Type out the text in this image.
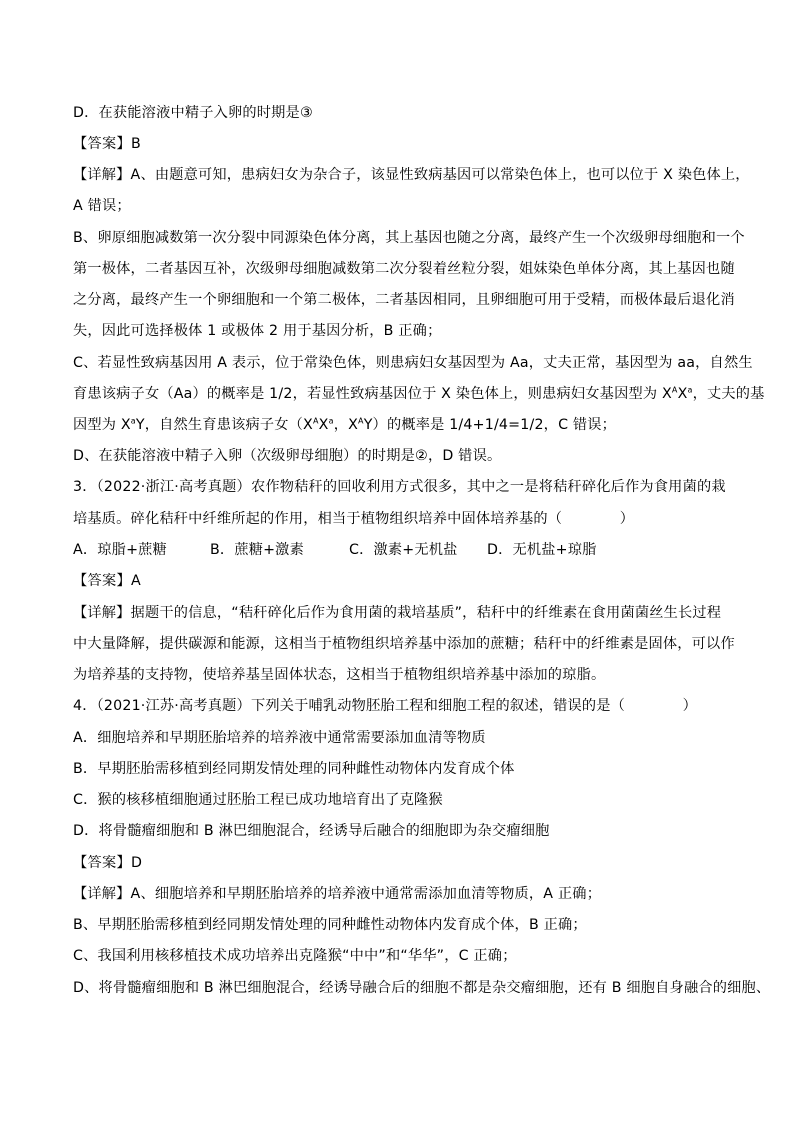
D．在获能溶液中精子入卵的时期是③
【答案】B
【详解】A、由题意可知，患病妇女为杂合子，该显性致病基因可以常染色体上，也可以位于 X 染色体上，
A 错误；
B、卵原细胞减数第一次分裂中同源染色体分离，其上基因也随之分离，最终产生一个次级卵母细胞和一个
第一极体，二者基因互补，次级卵母细胞减数第二次分裂着丝粒分裂，姐妹染色单体分离，其上基因也随
之分离，最终产生一个卵细胞和一个第二极体，二者基因相同，且卵细胞可用于受精，而极体最后退化消
失，因此可选择极体 1 或极体 2 用于基因分析，B 正确；
C、若显性致病基因用 A 表示，位于常染色体，则患病妇女基因型为 Aa，丈夫正常，基因型为 aa，自然生
育患该病子女（Aa）的概率是 1/2，若显性致病基因位于 X 染色体上，则患病妇女基因型为 $X^AX^a$，丈夫的基
因型为 $X^aY$，自然生育患该病子女（$X^AX^a$，$X^AY$）的概率是 1/4+1/4=1/2，C 错误；
D、在获能溶液中精子入卵（次级卵母细胞）的时期是②，D 错误。
3．（2022·浙江·高考真题）农作物秸秆的回收利用方式很多，其中之一是将秸秆碎化后作为食用菌的栽
培基质。碎化秸秆中纤维所起的作用，相当于植物组织培养中固体培养基的（　　　　）
A．琼脂+蔗糖	B．蔗糖+激素	C．激素+无机盐 D．无机盐+琼脂
【答案】A
【详解】据题干的信息，“秸秆碎化后作为食用菌的栽培基质”，秸秆中的纤维素在食用菌菌丝生长过程
中大量降解，提供碳源和能源，这相当于植物组织培养基中添加的蔗糖；秸秆中的纤维素是固体，可以作
为培养基的支持物，使培养基呈固体状态，这相当于植物组织培养基中添加的琼脂。
4．（2021·江苏·高考真题）下列关于哺乳动物胚胎工程和细胞工程的叙述，错误的是（　　　　）
A．细胞培养和早期胚胎培养的培养液中通常需要添加血清等物质
B．早期胚胎需移植到经同期发情处理的同种雌性动物体内发育成个体
C．猴的核移植细胞通过胚胎工程已成功地培育出了克隆猴
D．将骨髓瘤细胞和 B 淋巴细胞混合，经诱导后融合的细胞即为杂交瘤细胞
【答案】D
【详解】A、细胞培养和早期胚胎培养的培养液中通常需添加血清等物质，A 正确；
B、早期胚胎需移植到经同期发情处理的同种雌性动物体内发育成个体，B 正确；
C、我国利用核移植技术成功培养出克隆猴“中中”和“华华”，C 正确；
D、将骨髓瘤细胞和 B 淋巴细胞混合，经诱导融合后的细胞不都是杂交瘤细胞，还有 B 细胞自身融合的细胞、
